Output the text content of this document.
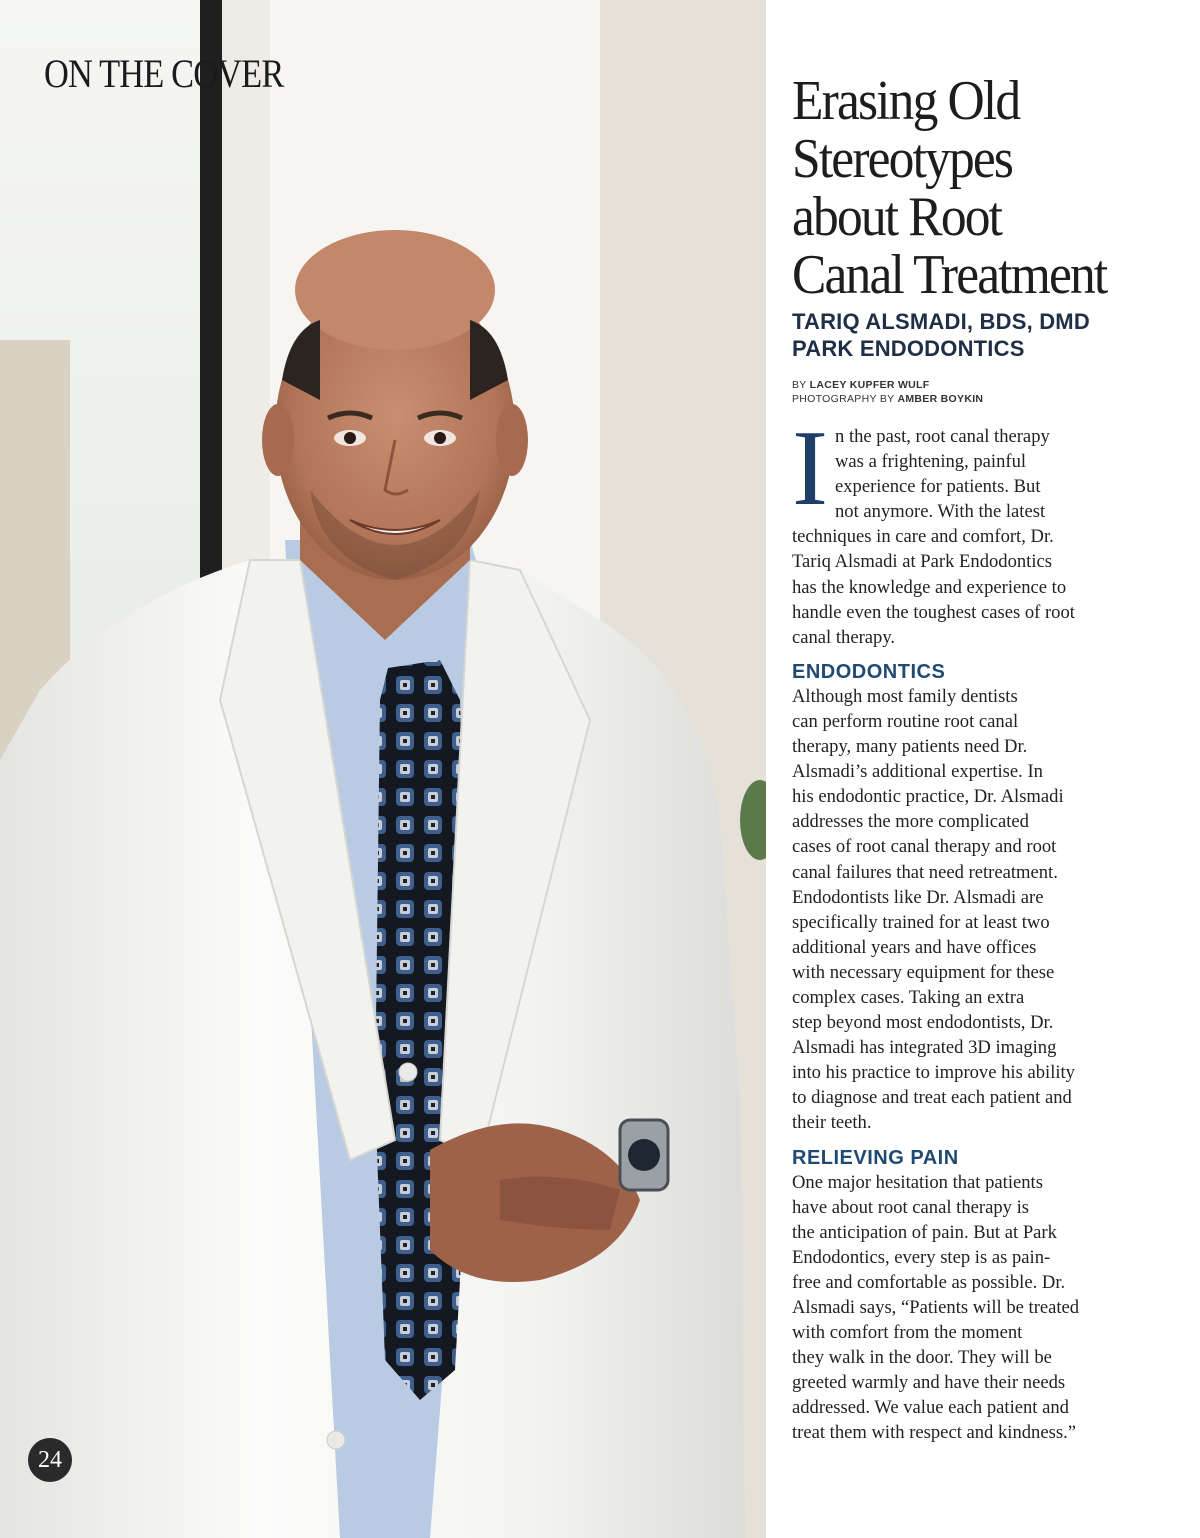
ON THE COVER
24
Erasing Old
Stereotypes
about Root
Canal Treatment
TARIQ ALSMADI, BDS, DMD
PARK ENDODONTICS
BY LACEY KUPFER WULF
PHOTOGRAPHY BY AMBER BOYKIN
I n the past, root canal therapy
was a frightening, painful
experience for patients. But
not anymore. With the latest
techniques in care and comfort, Dr.
Tariq Alsmadi at Park Endodontics
has the knowledge and experience to
handle even the toughest cases of root
canal therapy.
ENDODONTICS
Although most family dentists
can perform routine root canal
therapy, many patients need Dr.
Alsmadi’s additional expertise. In
his endodontic practice, Dr. Alsmadi
addresses the more complicated
cases of root canal therapy and root
canal failures that need retreatment.
Endodontists like Dr. Alsmadi are
specifically trained for at least two
additional years and have offices
with necessary equipment for these
complex cases. Taking an extra
step beyond most endodontists, Dr.
Alsmadi has integrated 3D imaging
into his practice to improve his ability
to diagnose and treat each patient and
their teeth.
RELIEVING PAIN
One major hesitation that patients
have about root canal therapy is
the anticipation of pain. But at Park
Endodontics, every step is as pain-
free and comfortable as possible. Dr.
Alsmadi says, “Patients will be treated
with comfort from the moment
they walk in the door. They will be
greeted warmly and have their needs
addressed. We value each patient and
treat them with respect and kindness.”
